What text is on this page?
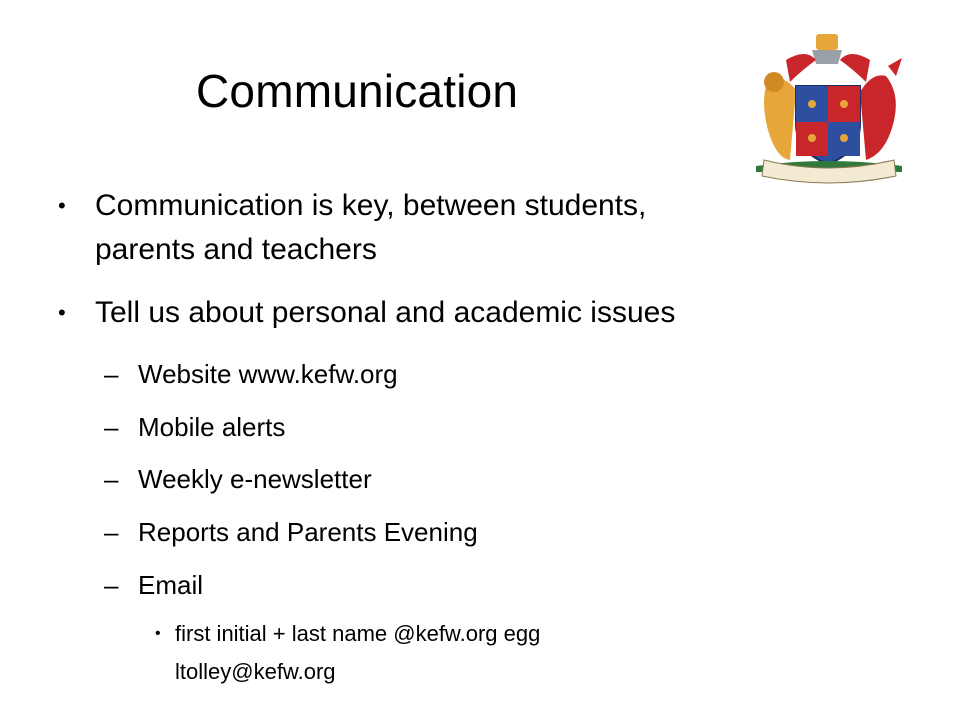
Communication
• Communication is key, between students,
parents and teachers
• Tell us about personal and academic issues
– Website www.kefw.org
– Mobile alerts
– Weekly e-newsletter
– Reports and Parents Evening
– Email
• first initial + last name @kefw.org egg
ltolley@kefw.org
